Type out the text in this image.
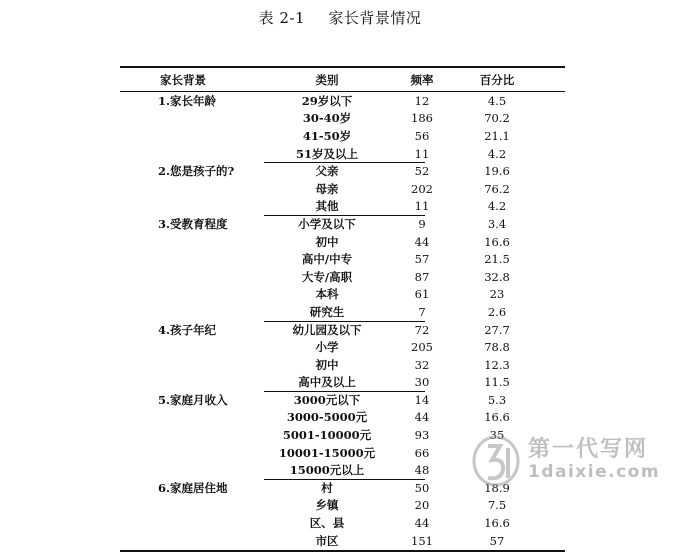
表 2-1 家长背景情况
家长背景	类别	频率	百分比
1.家长年龄	29岁以下	12	4.5
30-40岁	186	70.2
41-50岁	56	21.1
51岁及以上	11	4.2
2.您是孩子的?	父亲	52	19.6
母亲	202	76.2
其他	11	4.2
3.受教育程度	小学及以下	9	3.4
初中	44	16.6
高中/中专	57	21.5
大专/高职	87	32.8
本科	61	23
研究生	7	2.6
4.孩子年纪	幼儿园及以下	72	27.7
小学	205	78.8
初中	32	12.3
高中及以上	30	11.5
5.家庭月收入	3000元以下	14	5.3
3000-5000元	44	16.6
5001-10000元	93	35
10001-15000元	66
15000元以上	48
6.家庭居住地	村	50	18.9
乡镇	20	7.5
区、县	44	16.6
市区	151	57
第一代写网
1daixie.com
